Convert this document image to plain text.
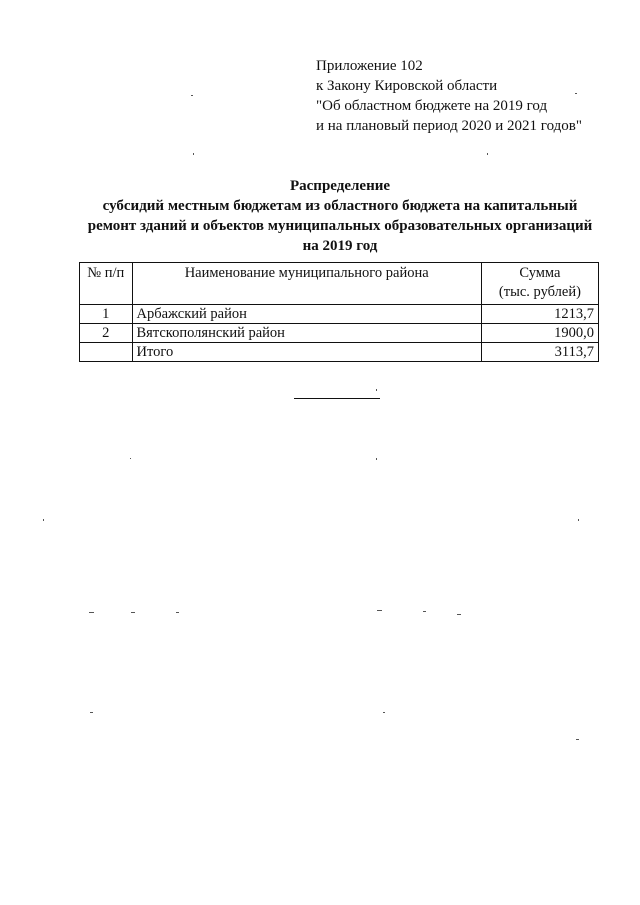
Приложение 102
к Закону Кировской области
"Об областном бюджете на 2019 год
и на плановый период 2020 и 2021 годов"
Распределение
субсидий местным бюджетам из областного бюджета на капитальный
ремонт зданий и объектов муниципальных образовательных организаций
на 2019 год
№ п/п	Наименование муниципального района	Сумма
(тыс. рублей)

1	Арбажский район	1213,7
2	Вятскополянский район	1900,0
	Итого	3113,7
